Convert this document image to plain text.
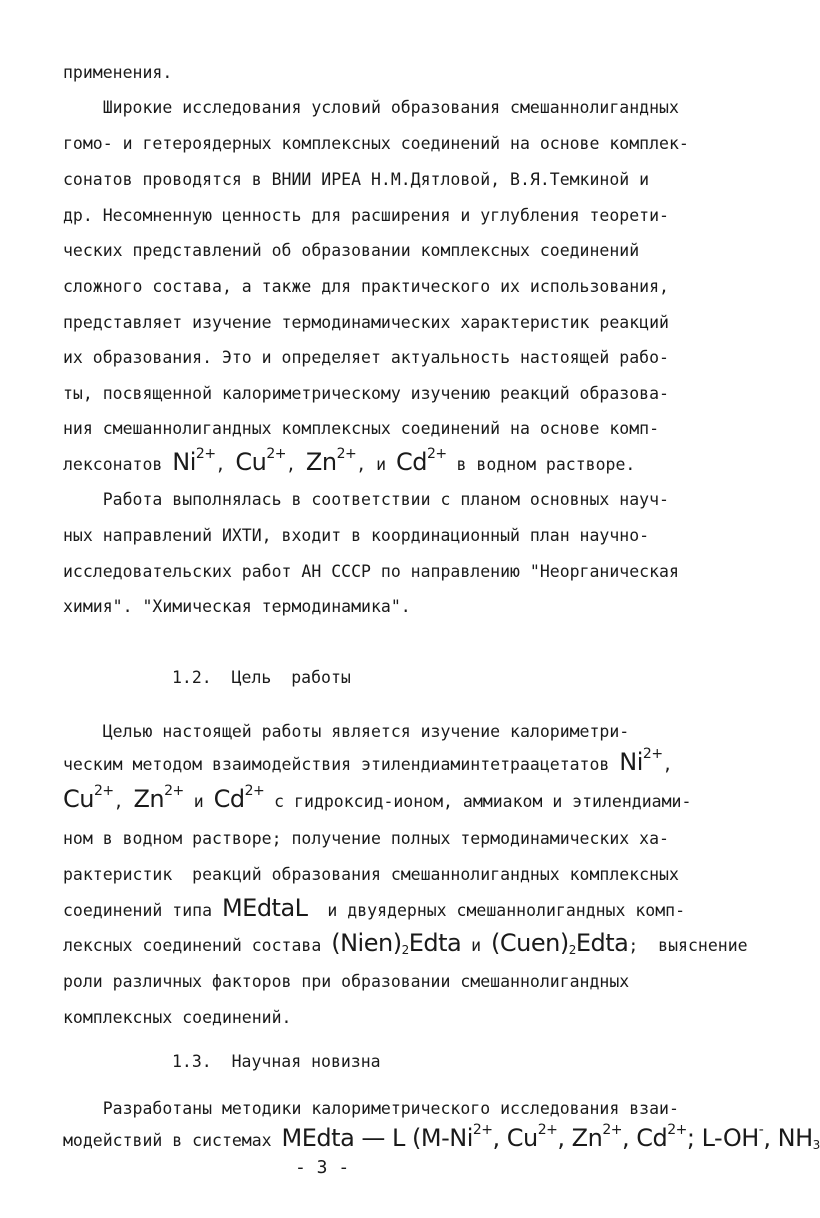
применения.
Широкие исследования условий образования смешаннолигандных
гомо- и гетероядерных комплексных соединений на основе комплек-
сонатов проводятся в ВНИИ ИРЕА Н.М.Дятловой, В.Я.Темкиной и
др. Несомненную ценность для расширения и углубления теорети-
ческих представлений об образовании комплексных соединений
сложного состава, а также для практического их использования,
представляет изучение термодинамических характеристик реакций
их образования. Это и определяет актуальность настоящей рабо-
ты, посвященной калориметрическому изучению реакций образова-
ния смешаннолигандных комплексных соединений на основе комп-
лексонатов $Ni^{2+}$, $Cu^{2+}$, $Zn^{2+}$, и $Cd^{2+}$ в водном растворе.
Работа выполнялась в соответствии с планом основных науч-
ных направлений ИХТИ, входит в координационный план научно-
исследовательских работ АН СССР по направлению "Неорганическая
химия". "Химическая термодинамика".
1.2.  Цель  работы
Целью настоящей работы является изучение калориметри-
ческим методом взаимодействия этилендиаминтетраацетатов $Ni^{2+}$,
$Cu^{2+}$, $Zn^{2+}$ и $Cd^{2+}$ с гидроксид-ионом, аммиаком и этилендиами-
ном в водном растворе; получение полных термодинамических ха-
рактеристик  реакций образования смешаннолигандных комплексных
соединений типа MEdtaL  и двуядерных смешаннолигандных комп-
лексных соединений состава $(Nien)_2Edta$ и $(Cuen)_2Edta$;  выяснение
роли различных факторов при образовании смешаннолигандных
комплексных соединений.
1.3.  Научная новизна
Разработаны методики калориметрического исследования взаи-
модействий в системах MEdta — L ($M-Ni^{2+}$, $Cu^{2+}$, $Zn^{2+}$, $Cd^{2+}$; L-OH-, $NH_3$
- 3 -
